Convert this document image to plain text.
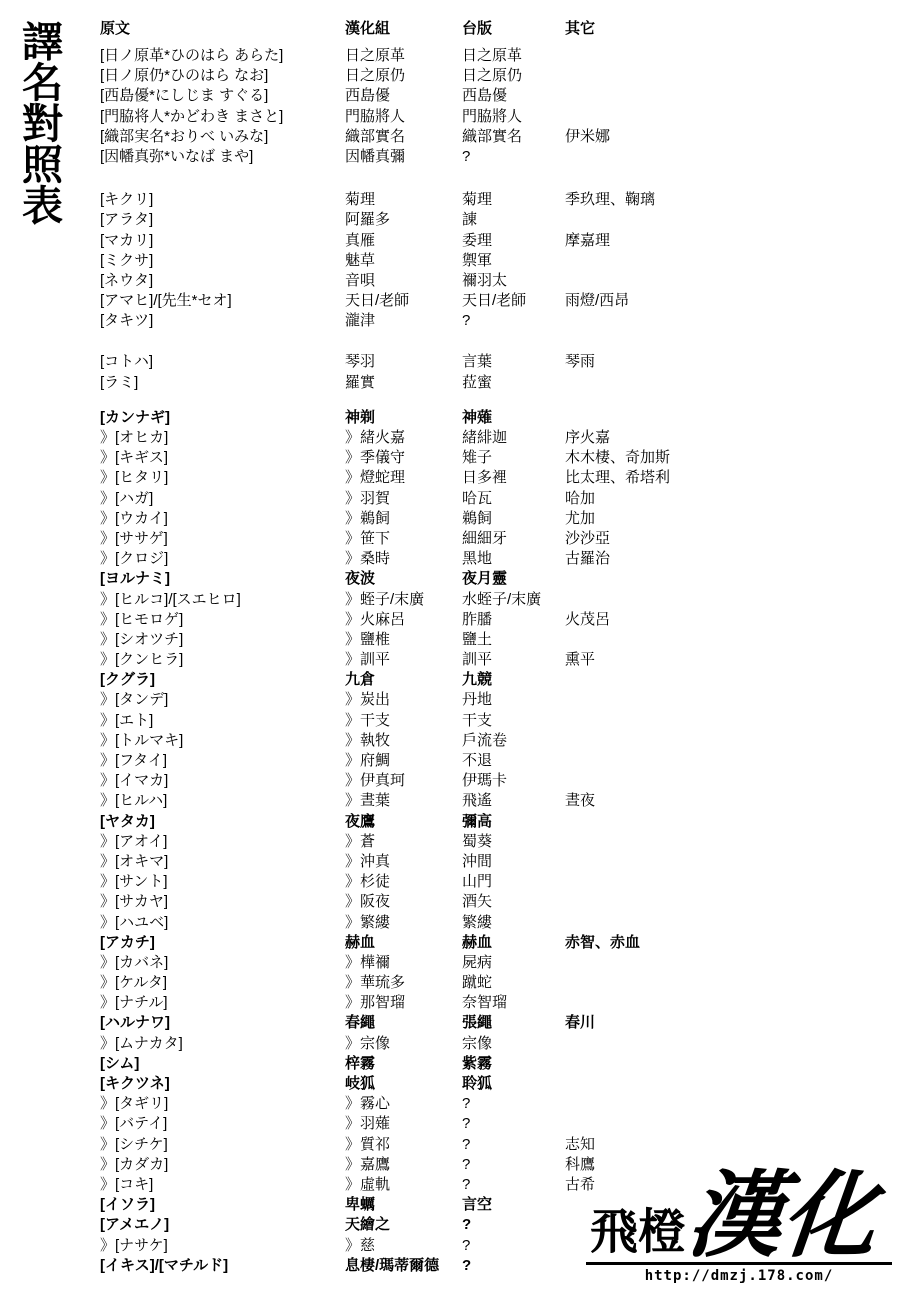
譯名對照表	原文	漢化組	台版	其它
[日ノ原革*ひのはら あらた]	日之原革	日之原革
[日ノ原仍*ひのはら なお]	日之原仍	日之原仍
[西島優*にしじま すぐる]	西島優	西島優
[門脇将人*かどわき まさと]	門脇將人	門脇將人
[織部実名*おりべ いみな]	織部實名	織部實名	伊米娜
[因幡真弥*いなば まや]	因幡真彌	?
[キクリ]	菊理	菊理	季玖理、鞠璃
[アラタ]	阿羅多	諌
[マカリ]	真雁	委理	摩嘉理
[ミクサ]	魅草	禦軍
[ネウタ]	音唄	禰羽太
[アマヒ]/[先生*セオ]	天日/老師	天日/老師	雨燈/西昂
[タキツ]	瀧津	?
[コトハ]	琴羽	言葉	琴雨
[ラミ]	羅實	菈蜜
[カンナギ]	神剃	神薙
》[オヒカ]	》緒火嘉	緒緋迦	序火嘉
》[キギス]	》季儀守	雉子	木木棲、奇加斯
》[ヒタリ]	》燈蛇理	日多裡	比太理、希塔利
》[ハガ]	》羽賀	哈瓦	哈加
》[ウカイ]	》鵜飼	鵜飼	尤加
》[ササゲ]	》笹下	細細牙	沙沙亞
》[クロジ]	》桑時	黑地	古羅治
[ヨルナミ]	夜波	夜月靈
》[ヒルコ]/[スエヒロ]	》蛭子/末廣	水蛭子/末廣
》[ヒモロゲ]	》火麻呂	胙膰	火茂呂
》[シオツチ]	》鹽椎	鹽土
》[クンヒラ]	》訓平	訓平	熏平
[クグラ]	九倉	九競
》[タンデ]	》炭出	丹地
》[エト]	》干支	干支
》[トルマキ]	》執牧	戶流卷
》[フタイ]	》府鯛	不退
》[イマカ]	》伊真珂	伊瑪卡
》[ヒルハ]	》晝葉	飛遙	晝夜
[ヤタカ]	夜鷹	彌高
》[アオイ]	》蒼	蜀葵
》[オキマ]	》沖真	沖間
》[サント]	》杉徒	山門
》[サカヤ]	》阪夜	酒矢
》[ハユベ]	》繁縷	繁縷
[アカチ]	赫血	赫血	赤智、赤血
》[カバネ]	》樺禰	屍病
》[ケルタ]	》華琉多	蹴蛇
》[ナチル]	》那智瑠	奈智瑠
[ハルナワ]	春繩	張繩	春川
》[ムナカタ]	》宗像	宗像
[シム]	梓霧	紫霧
[キクツネ]	岐狐	聆狐
》[タギリ]	》霧心	?
》[バテイ]	》羽薙	?
》[シチケ]	》質祁	?	志知
》[カダカ]	》嘉鷹	?	科鷹
》[コキ]	》虛軌	?	古希
[イソラ]	卑蠣	言空
[アメエノ]	天繪之	?
》[ナサケ]	》慈	?
[イキス]/[マチルド]	息棲/瑪蒂爾德	?
飛橙
漢化
http://dmzj.178.com/
